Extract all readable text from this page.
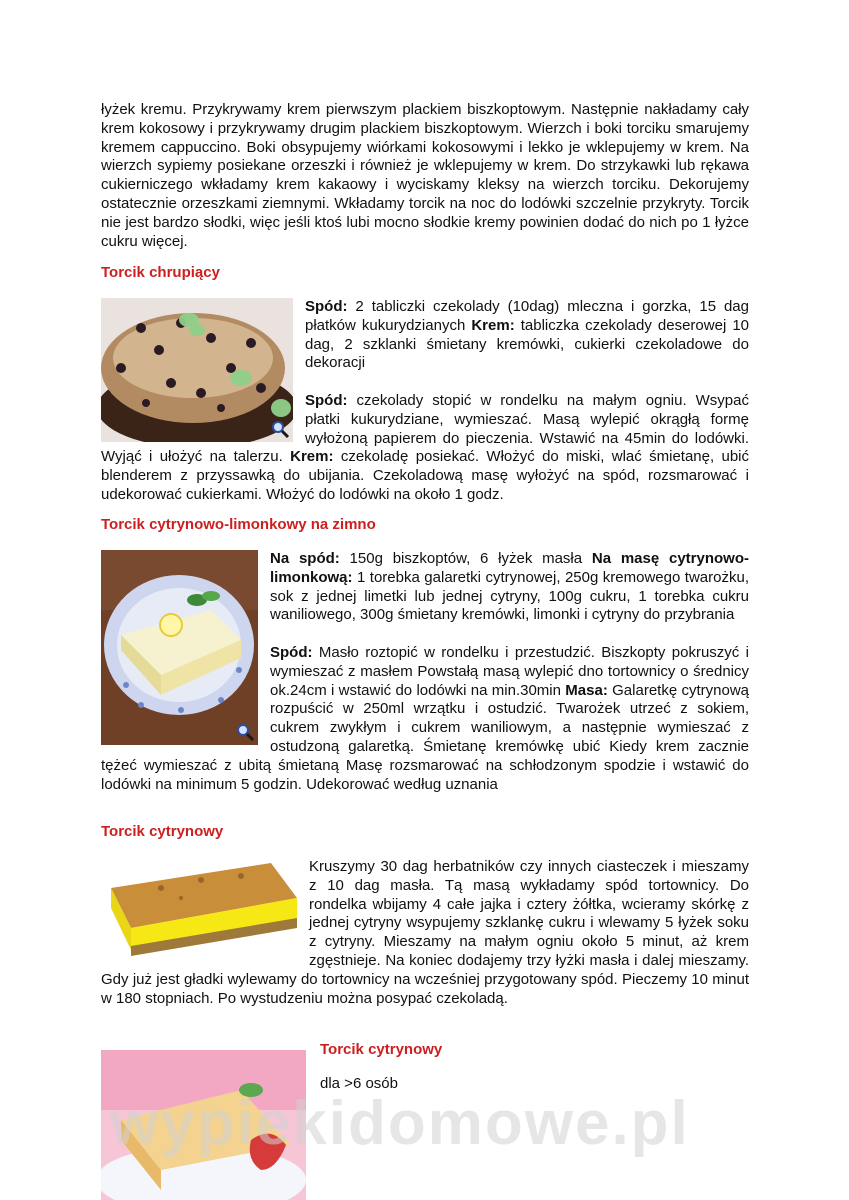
łyżek kremu. Przykrywamy krem pierwszym plackiem biszkoptowym. Następnie nakładamy cały krem kokosowy i przykrywamy drugim plackiem biszkoptowym. Wierzch i boki torciku smarujemy kremem cappuccino. Boki obsypujemy wiórkami kokosowymi i lekko je wklepujemy w krem. Na wierzch sypiemy posiekane orzeszki i również je wklepujemy w krem. Do strzykawki lub rękawa cukierniczego wkładamy krem kakaowy i wyciskamy kleksy na wierzch torciku. Dekorujemy ostatecznie orzeszkami ziemnymi. Wkładamy torcik na noc do lodówki szczelnie przykryty. Torcik nie jest bardzo słodki, więc jeśli ktoś lubi mocno słodkie kremy powinien dodać do nich po 1 łyżce cukru więcej.

Torcik chrupiący

Spód: 2 tabliczki czekolady (10dag) mleczna i gorzka, 15 dag płatków kukurydzianych Krem: tabliczka czekolady deserowej 10 dag, 2 szklanki śmietany kremówki, cukierki czekoladowe do dekoracji

Spód: czekolady stopić w rondelku na małym ogniu. Wsypać płatki kukurydziane, wymieszać. Masą wylepić okrągłą formę wyłożoną papierem do pieczenia. Wstawić na 45min do lodówki. Wyjąć i ułożyć na talerzu. Krem: czekoladę posiekać. Włożyć do miski, wlać śmietanę, ubić blenderem z przyssawką do ubijania. Czekoladową masę wyłożyć na spód, rozsmarować i udekorować cukierkami. Włożyć do lodówki na około 1 godz.

Torcik cytrynowo-limonkowy na zimno

Na spód: 150g biszkoptów, 6 łyżek masła Na masę cytrynowo-limonkową: 1 torebka galaretki cytrynowej, 250g kremowego twarożku, sok z jednej limetki lub jednej cytryny, 100g cukru, 1 torebka cukru waniliowego, 300g śmietany kremówki, limonki i cytryny do przybrania

Spód: Masło roztopić w rondelku i przestudzić. Biszkopty pokruszyć i wymieszać z masłem Powstałą masą wylepić dno tortownicy o średnicy ok.24cm i wstawić do lodówki na min.30min Masa: Galaretkę cytrynową rozpuścić w 250ml wrzątku i ostudzić. Twarożek utrzeć z sokiem, cukrem zwykłym i cukrem waniliowym, a następnie wymieszać z ostudzoną galaretką. Śmietanę kremówkę ubić Kiedy krem zacznie tężeć wymieszać z ubitą śmietaną Masę rozsmarować na schłodzonym spodzie i wstawić do lodówki na minimum 5 godzin. Udekorować według uznania

Torcik cytrynowy

Kruszymy 30 dag herbatników czy innych ciasteczek i mieszamy z 10 dag masła. Tą masą wykładamy spód tortownicy. Do rondelka wbijamy 4 całe jajka i cztery żółtka, wcieramy skórkę z jednej cytryny wsypujemy szklankę cukru i wlewamy 5 łyżek soku z cytryny. Mieszamy na małym ogniu około 5 minut, aż krem zgęstnieje. Na koniec dodajemy trzy łyżki masła i dalej mieszamy. Gdy już jest gładki wylewamy do tortownicy na wcześniej przygotowany spód. Pieczemy 10 minut w 180 stopniach. Po wystudzeniu można posypać czekoladą.

Torcik cytrynowy
dla >6 osób
wypiekidomowe.pl
